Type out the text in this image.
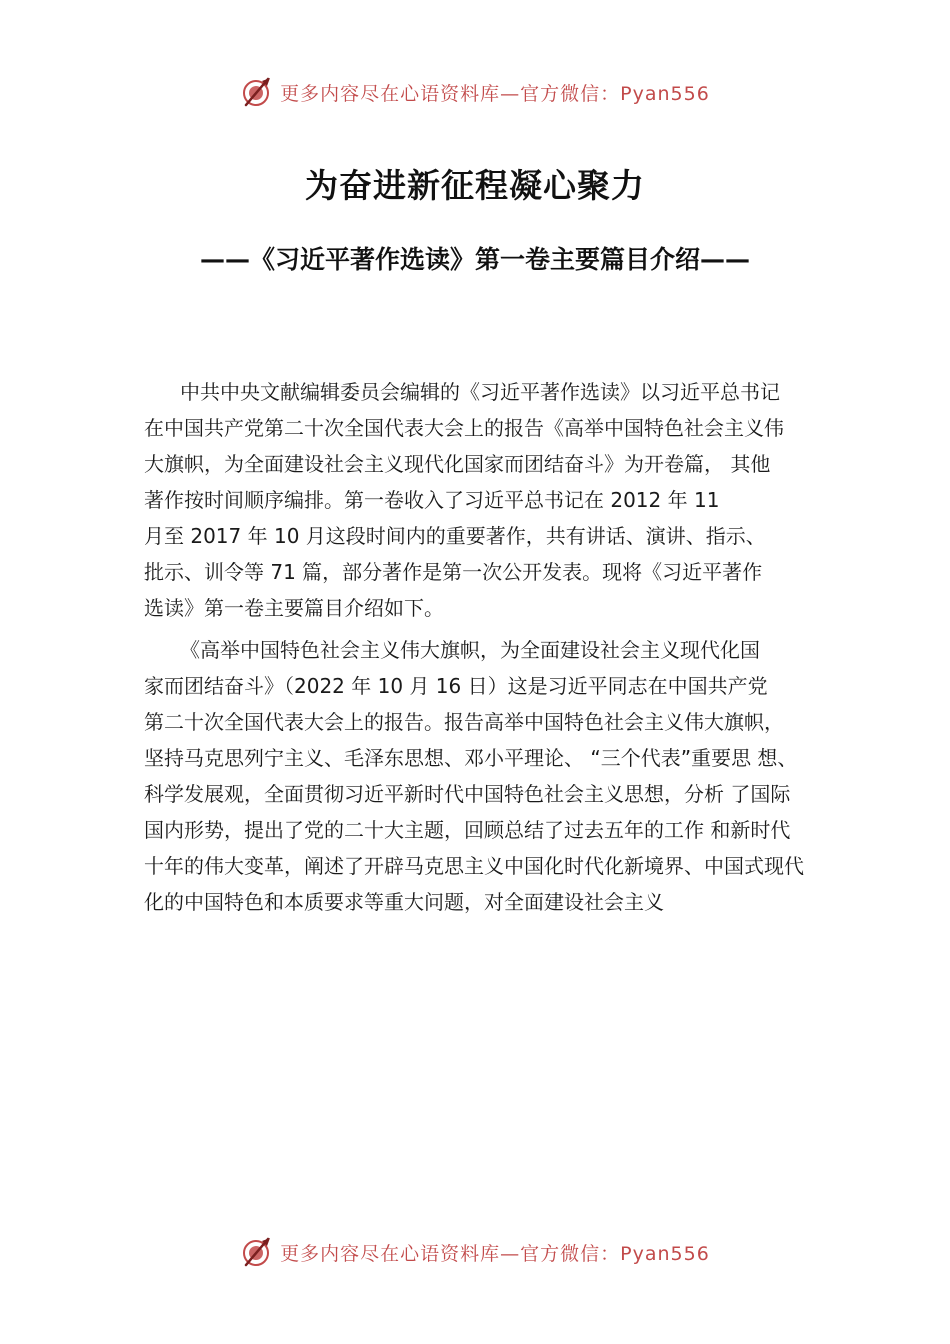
更多内容尽在心语资料库—官方微信：Pyan556
为奋进新征程凝心聚力
——《习近平著作选读》第一卷主要篇目介绍——

中共中央文献编辑委员会编辑的《习近平著作选读》以习近平总书记
在中国共产党第二十次全国代表大会上的报告《高举中国特色社会主义伟
大旗帜，为全面建设社会主义现代化国家而团结奋斗》为开卷篇， 其他
著作按时间顺序编排。第一卷收入了习近平总书记在 2012 年 11
月至 2017 年 10 月这段时间内的重要著作，共有讲话、演讲、指示、
批示、训令等 71 篇，部分著作是第一次公开发表。现将《习近平著作
选读》第一卷主要篇目介绍如下。

《高举中国特色社会主义伟大旗帜，为全面建设社会主义现代化国
家而团结奋斗》（2022 年 10 月 16 日）这是习近平同志在中国共产党
第二十次全国代表大会上的报告。报告高举中国特色社会主义伟大旗帜，
坚持马克思列宁主义、毛泽东思想、邓小平理论、 “三个代表”重要思 想、
科学发展观，全面贯彻习近平新时代中国特色社会主义思想，分析 了国际
国内形势，提出了党的二十大主题，回顾总结了过去五年的工作 和新时代
十年的伟大变革，阐述了开辟马克思主义中国化时代化新境界、中国式现代
化的中国特色和本质要求等重大问题，对全面建设社会主义

更多内容尽在心语资料库—官方微信：Pyan556
